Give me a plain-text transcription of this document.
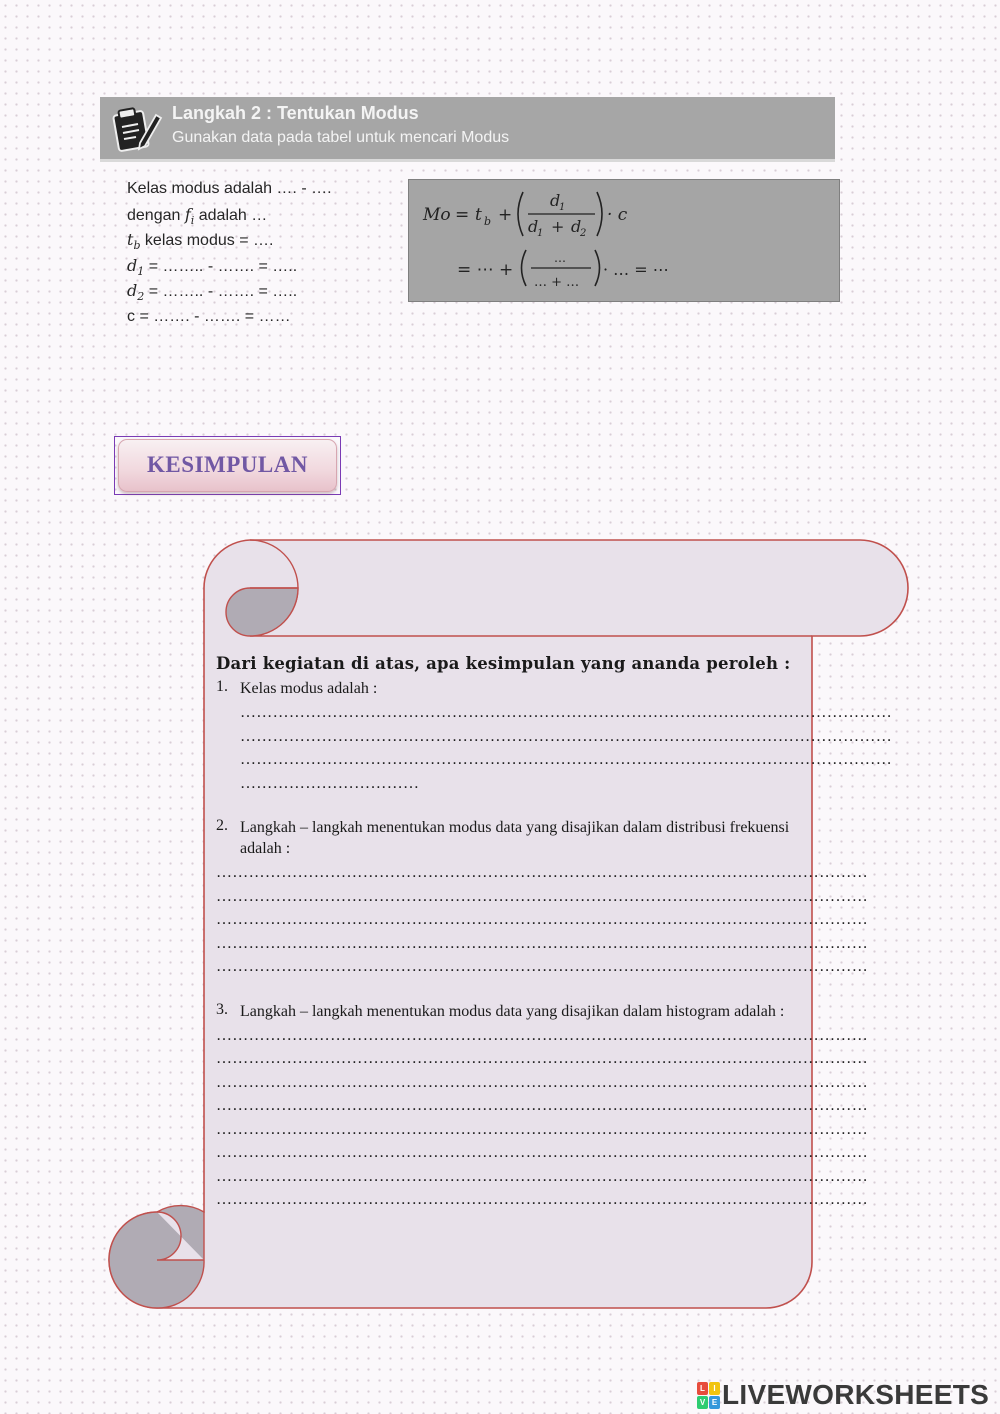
Langkah 2 : Tentukan Modus
Gunakan data pada tabel untuk mencari Modus
Kelas modus adalah …. - ….
dengan $f_i$ adalah …
$t_b$ kelas modus = ….
$d_1$ = …….. - ……. = …..
$d_2$ = …….. - ……. = …..
c = ……. - ……. = ……
Mo = t b +
d
1
d
1 + d
2
· c
= ⋯ +
…
… + …
· … = ⋯
KESIMPULAN
Dari kegiatan di atas, apa kesimpulan yang ananda peroleh :
1. Kelas modus adalah :
…………………………………………………………………………………………………………
…………………………………………………………………………………………………………
…………………………………………………………………………………………………………
……………………………
2. Langkah – langkah menentukan modus data yang disajikan dalam distribusi frekuensi adalah :
…………………………………………………………………………………………………………
…………………………………………………………………………………………………………
…………………………………………………………………………………………………………
…………………………………………………………………………………………………………
…………………………………………………………………………………………………………
3. Langkah – langkah menentukan modus data yang disajikan dalam histogram adalah :
…………………………………………………………………………………………………………
…………………………………………………………………………………………………………
…………………………………………………………………………………………………………
…………………………………………………………………………………………………………
…………………………………………………………………………………………………………
…………………………………………………………………………………………………………
…………………………………………………………………………………………………………
…………………………………………………………………………………………………………
L	I
V E LIVEWORKSHEETS
